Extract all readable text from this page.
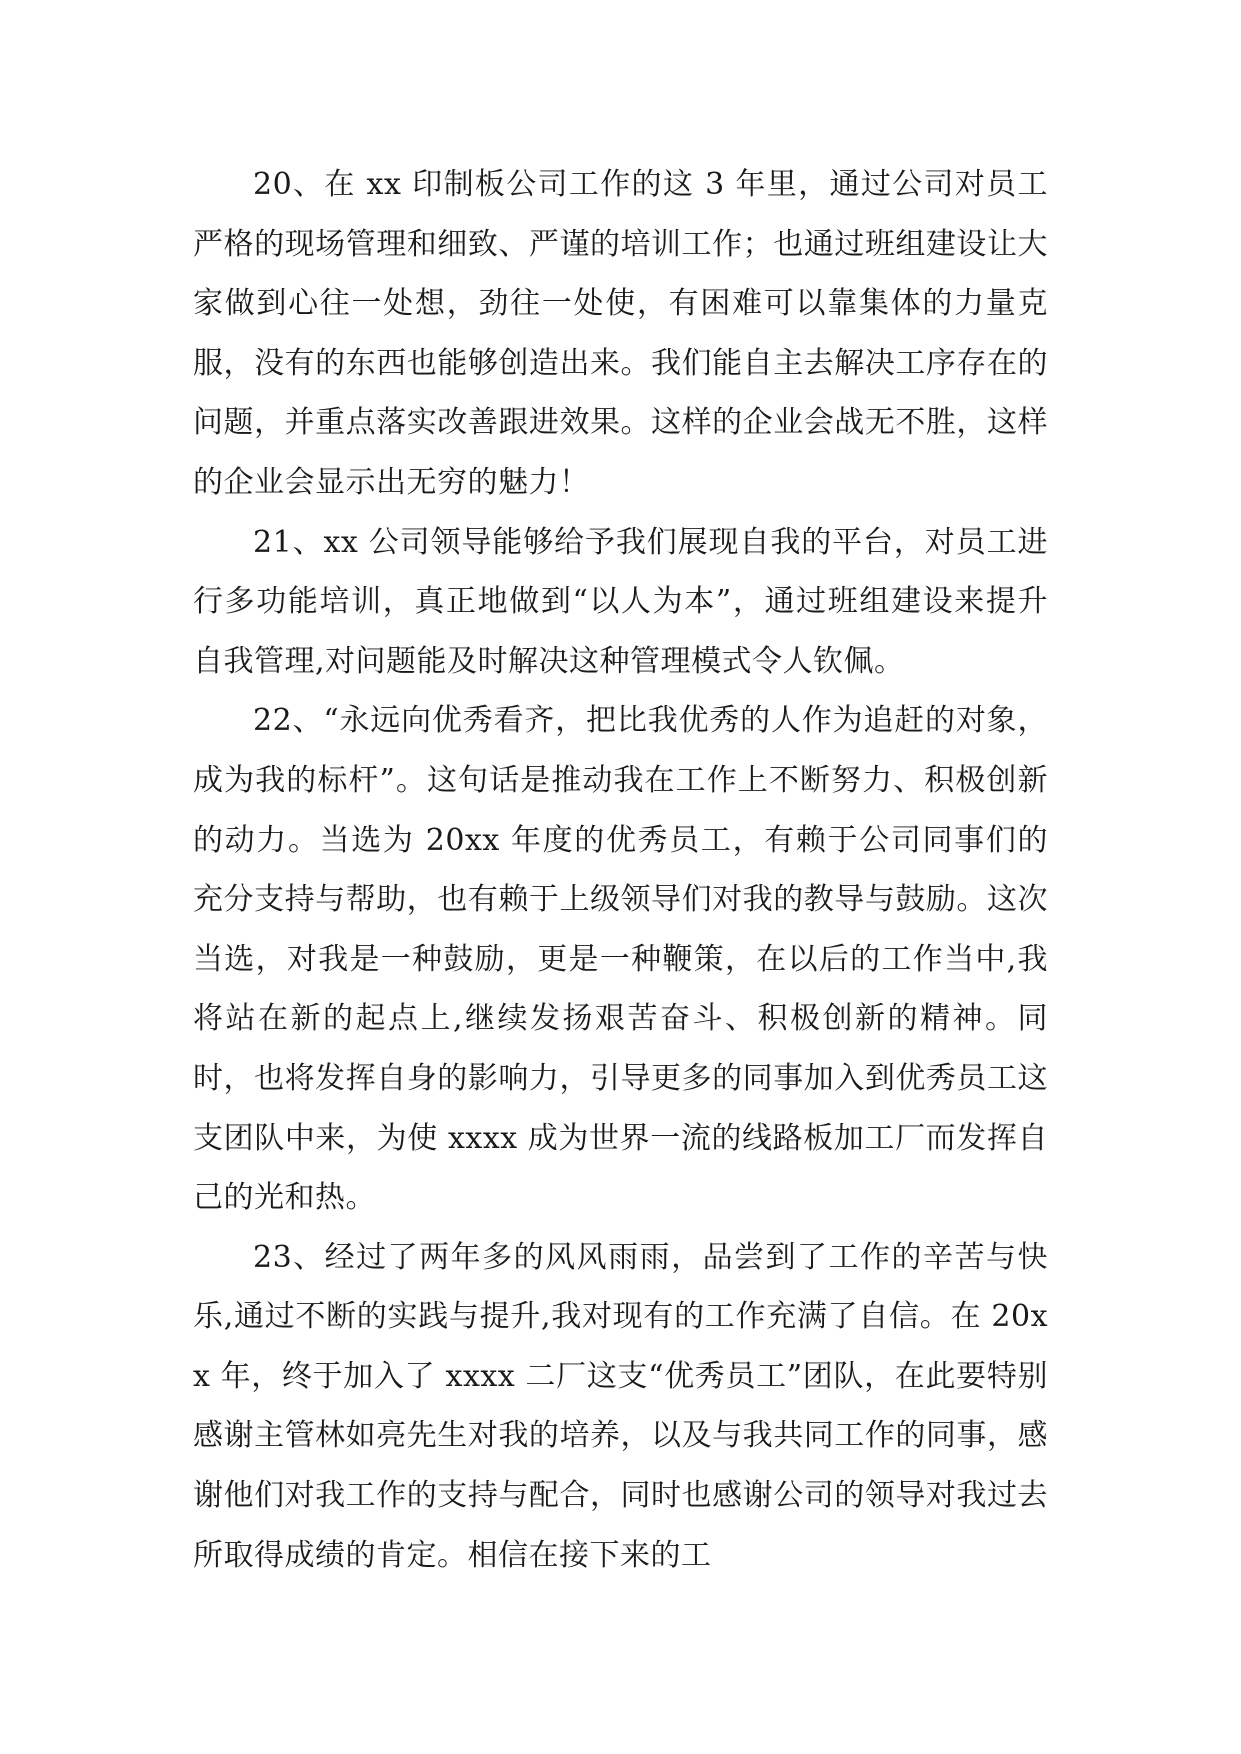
20、在 xx 印制板公司工作的这 3 年里，通过公司对员工严格的现场管理和细致、严谨的培训工作；也通过班组建设让大家做到心往一处想，劲往一处使，有困难可以靠集体的力量克服，没有的东西也能够创造出来。我们能自主去解决工序存在的问题，并重点落实改善跟进效果。这样的企业会战无不胜，这样的企业会显示出无穷的魅力！

21、xx 公司领导能够给予我们展现自我的平台，对员工进行多功能培训，真正地做到“以人为本”，通过班组建设来提升自我管理,对问题能及时解决这种管理模式令人钦佩。

22、“永远向优秀看齐，把比我优秀的人作为追赶的对象，成为我的标杆”。这句话是推动我在工作上不断努力、积极创新的动力。当选为 20xx 年度的优秀员工，有赖于公司同事们的充分支持与帮助，也有赖于上级领导们对我的教导与鼓励。这次当选，对我是一种鼓励，更是一种鞭策，在以后的工作当中,我将站在新的起点上,继续发扬艰苦奋斗、积极创新的精神。同时，也将发挥自身的影响力，引导更多的同事加入到优秀员工这支团队中来，为使 xxxx 成为世界一流的线路板加工厂而发挥自己的光和热。

23、经过了两年多的风风雨雨，品尝到了工作的辛苦与快乐,通过不断的实践与提升,我对现有的工作充满了自信。在 20xx 年，终于加入了 xxxx 二厂这支“优秀员工”团队，在此要特别感谢主管林如亮先生对我的培养，以及与我共同工作的同事，感谢他们对我工作的支持与配合，同时也感谢公司的领导对我过去所取得成绩的肯定。相信在接下来的工
